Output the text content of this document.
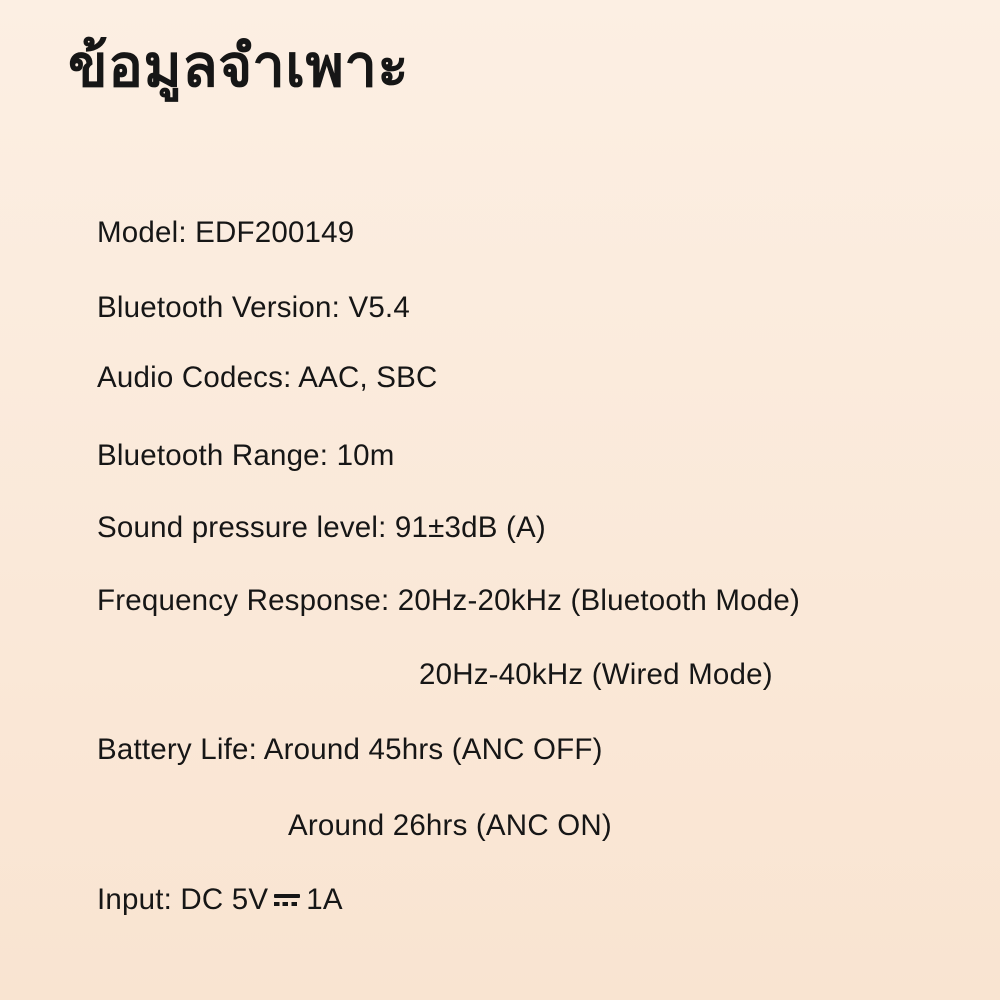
ข้อมูลจำเพาะ
Model: EDF200149
Bluetooth Version: V5.4
Audio Codecs: AAC, SBC
Bluetooth Range: 10m
Sound pressure level: 91±3dB (A)
Frequency Response: 20Hz-20kHz (Bluetooth Mode)
20Hz-40kHz (Wired Mode)
Battery Life: Around 45hrs (ANC OFF)
Around 26hrs (ANC ON)
Input: DC 5V 1A
